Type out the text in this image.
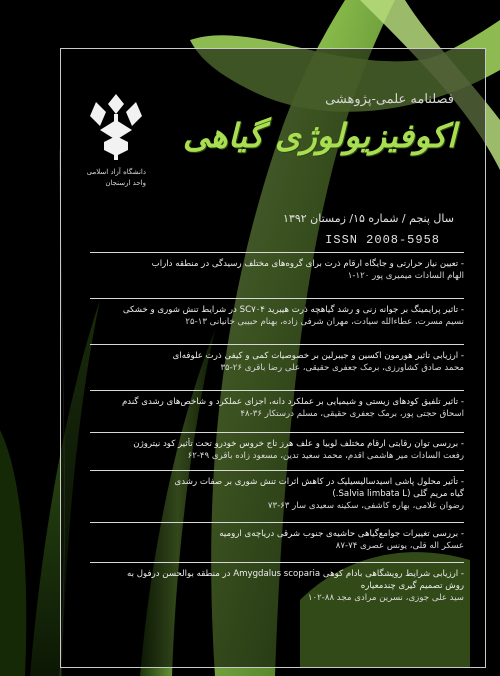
دانشگاه آزاد اسلامی
واحد ارسنجان
فصلنامه علمی-پژوهشی
اکوفیزیولوژی گیاهی
سال پنجم / شماره ۱۵/ زمستان ۱۳۹۲
ISSN 2008-5958
- تعیین نیاز حرارتی و جایگاه ارقام ذرت برای گروه‌های مختلف رسیدگی در منطقه داراب
الهام السادات میمیری پور ۱۲۰-۱
- تاثیر پرایمینگ بر جوانه زنی و رشد گیاهچه ذرت هیبرید SC۷۰۴ در شرایط تنش شوری و خشکی
نسیم مسرت، عطاءالله سیادت، مهران شرفی زاده، بهنام حبیبی خانیانی ۱۳-۲۵
- ارزیابی تاثیر هورمون اکسین و جیبرلین بر خصوصیات کمی و کیفی ذرت علوفه‌ای
محمد صادق کشاورزی، برمک جعفری حقیقی، علی رضا باقری ۲۶-۳۵
- تاثیر تلفیق کودهای زیستی و شیمیایی بر عملکرد دانه، اجزای عملکرد و شاخص‌های رشدی گندم
اسحاق حجتی پور، برمک جعفری حقیقی، مسلم درستکار ۳۶-۴۸
- بررسی توان رقابتی ارقام مختلف لوبیا و علف هرز تاج خروس خودرو تحت تأثیر کود نیتروژن
رفعت السادات میر هاشمی اقدم، محمد سعید تدین، مسعود زاده باقری ۴۹-۶۲
- تأثیر محلول پاشی اسیدسالیسیلیک در کاهش اثرات تنش شوری بر صفات رشدی
گیاه مریم گلی (Salvia limbata L.)
رضوان غلامی، بهاره کاشفی، سکینه سعیدی سار ۶۳-۷۳
- بررسی تغییرات جوامع‌گیاهی حاشیه‌ی جنوب شرقی دریاچه‌ی ارومیه
عسکر اله قلی، یونس عصری ۷۴-۸۷
- ارزیابی شرایط رویشگاهی بادام کوهی Amygdalus scoparia در منطقه بوالحسن درفول به
روش تصمیم گیری چندمعیاره
سید علی جوزی، نسرین مرادی مجد ۸۸-۱۰۲
